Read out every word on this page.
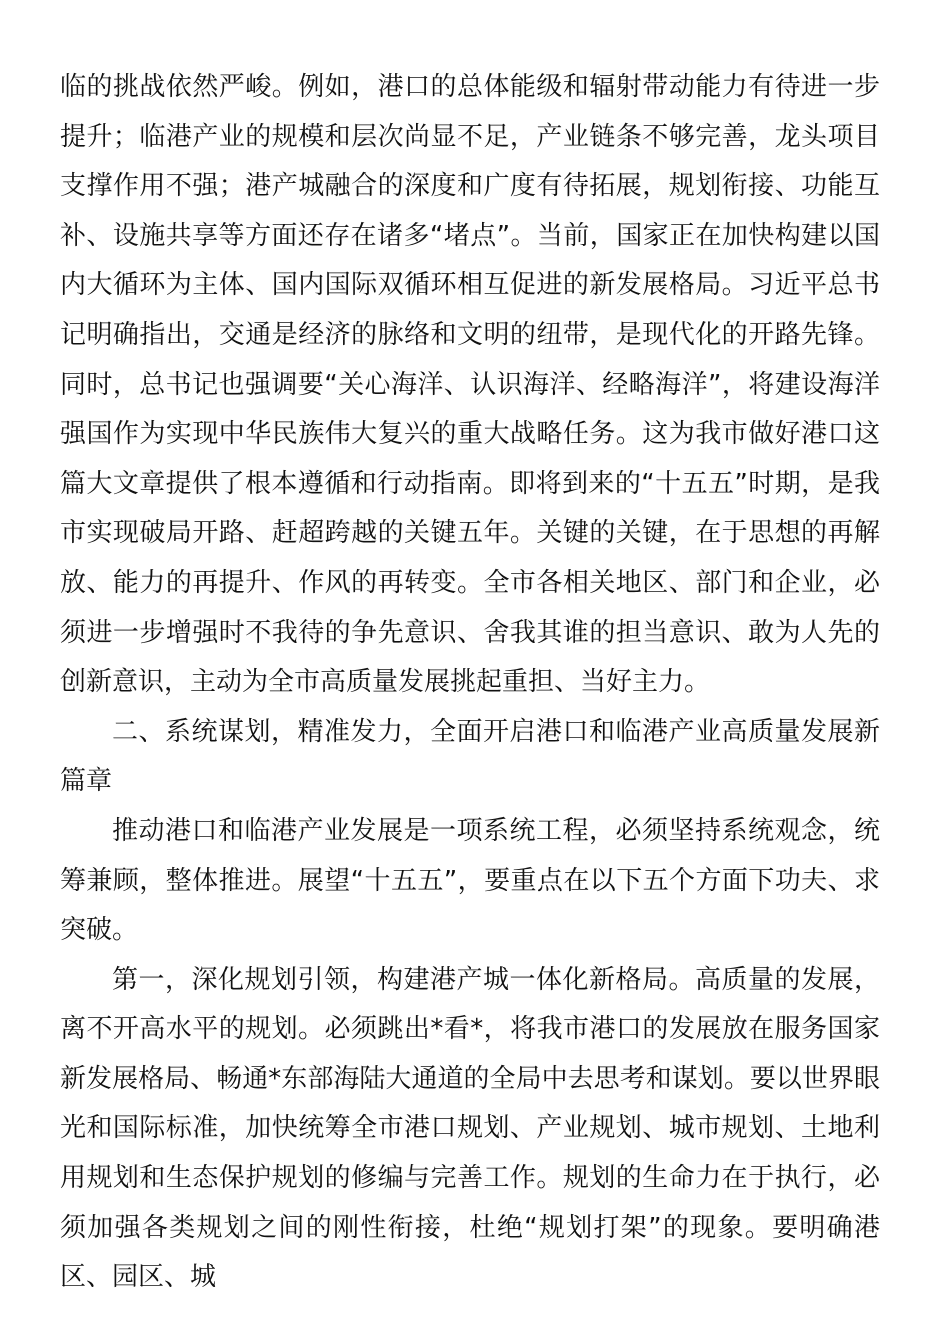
临的挑战依然严峻。例如，港口的总体能级和辐射带动能力有待进一步提升；临港产业的规模和层次尚显不足，产业链条不够完善，龙头项目支撑作用不强；港产城融合的深度和广度有待拓展，规划衔接、功能互补、设施共享等方面还存在诸多“堵点”。当前，国家正在加快构建以国内大循环为主体、国内国际双循环相互促进的新发展格局。习近平总书记明确指出，交通是经济的脉络和文明的纽带，是现代化的开路先锋。同时，总书记也强调要“关心海洋、认识海洋、经略海洋”，将建设海洋强国作为实现中华民族伟大复兴的重大战略任务。这为我市做好港口这篇大文章提供了根本遵循和行动指南。即将到来的“十五五”时期，是我市实现破局开路、赶超跨越的关键五年。关键的关键，在于思想的再解放、能力的再提升、作风的再转变。全市各相关地区、部门和企业，必须进一步增强时不我待的争先意识、舍我其谁的担当意识、敢为人先的创新意识，主动为全市高质量发展挑起重担、当好主力。

二、系统谋划，精准发力，全面开启港口和临港产业高质量发展新篇章

推动港口和临港产业发展是一项系统工程，必须坚持系统观念，统筹兼顾，整体推进。展望“十五五”，要重点在以下五个方面下功夫、求突破。

第一，深化规划引领，构建港产城一体化新格局。高质量的发展，离不开高水平的规划。必须跳出*看*，将我市港口的发展放在服务国家新发展格局、畅通*东部海陆大通道的全局中去思考和谋划。要以世界眼光和国际标准，加快统筹全市港口规划、产业规划、城市规划、土地利用规划和生态保护规划的修编与完善工作。规划的生命力在于执行，必须加强各类规划之间的刚性衔接，杜绝“规划打架”的现象。要明确港区、园区、城
